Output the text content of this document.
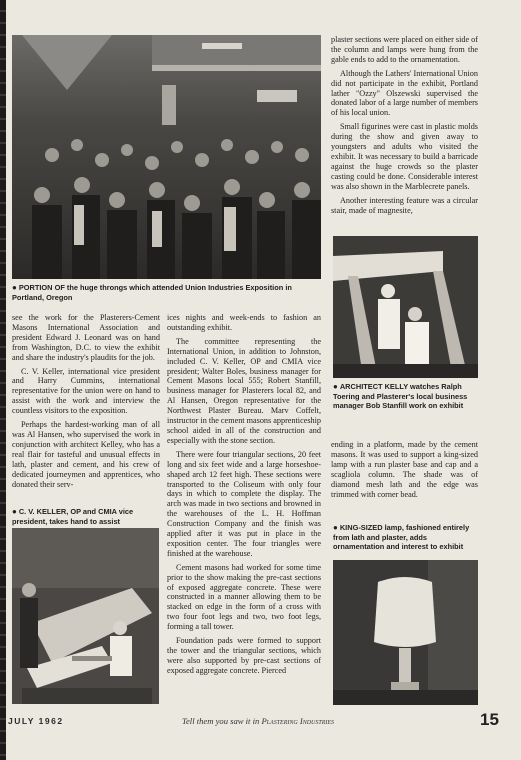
● PORTION OF the huge throngs which attended Union Industries Exposition in Portland, Oregon

see the work for the Plasterers-Cement Masons International Association and president Edward J. Leonard was on hand from Washington, D.C. to view the exhibit and share the industry's plaudits for the job.

C. V. Keller, international vice president and Harry Cummins, international representative for the union were on hand to assist with the work and interview the countless visitors to the exposition.

Perhaps the hardest-working man of all was Al Hansen, who supervised the work in conjunction with architect Kelley, who has a real flair for tasteful and unusual effects in lath, plaster and cement, and his crew of dedicated journeymen and apprentices, who donated their serv-

● C. V. KELLER, OP and CMIA vice president, takes hand to assist

ices nights and week-ends to fashion an outstanding exhibit.

The committee representing the International Union, in addition to Johnston, included C. V. Keller, OP and CMIA vice president; Walter Boles, business manager for Cement Masons local 555; Robert Stanfill, business manager for Plasterers local 82, and Al Hansen, Oregon representative for the Northwest Plaster Bureau. Marv Coffelt, instructor in the cement masons apprenticeship school aided in all of the construction and especially with the stone section.

There were four triangular sections, 20 feet long and six feet wide and a large horseshoe-shaped arch 12 feet high. These sections were transported to the Coliseum with only four days in which to complete the display. The arch was made in two sections and browned in the warehouses of the L. H. Hoffman Construction Company and the finish was applied after it was put in place in the exposition center. The four triangles were finished at the warehouse.

Cement masons had worked for some time prior to the show making the pre-cast sections of exposed aggregate concrete. These were constructed in a manner allowing them to be stacked on edge in the form of a cross with two four foot legs and two, two foot legs, forming a tall tower.

Foundation pads were formed to support the tower and the triangular sections, which were also supported by pre-cast sections of exposed aggregate concrete. Pierced

plaster sections were placed on either side of the column and lamps were hung from the gable ends to add to the ornamentation.

Although the Lathers' International Union did not participate in the exhibit, Portland lather "Ozzy" Olszewski supervised the donated labor of a large number of members of his local union.

Small figurines were cast in plastic molds during the show and given away to youngsters and adults who visited the exhibit. It was necessary to build a barricade against the huge crowds so the plaster casting could be done. Considerable interest was also shown in the Marblecrete panels.

Another interesting feature was a circular stair, made of magnesite,

● ARCHITECT KELLY watches Ralph Toering and Plasterer's local business manager Bob Stanfill work on exhibit

ending in a platform, made by the cement masons. It was used to support a king-sized lamp with a run plaster base and cap and a scagliola column. The shade was of diamond mesh lath and the edge was trimmed with corner bead.

● KING-SIZED lamp, fashioned entirely from lath and plaster, adds ornamentation and interest to exhibit
JULY 1962	Tell them you saw it in Plastering Industries	15
